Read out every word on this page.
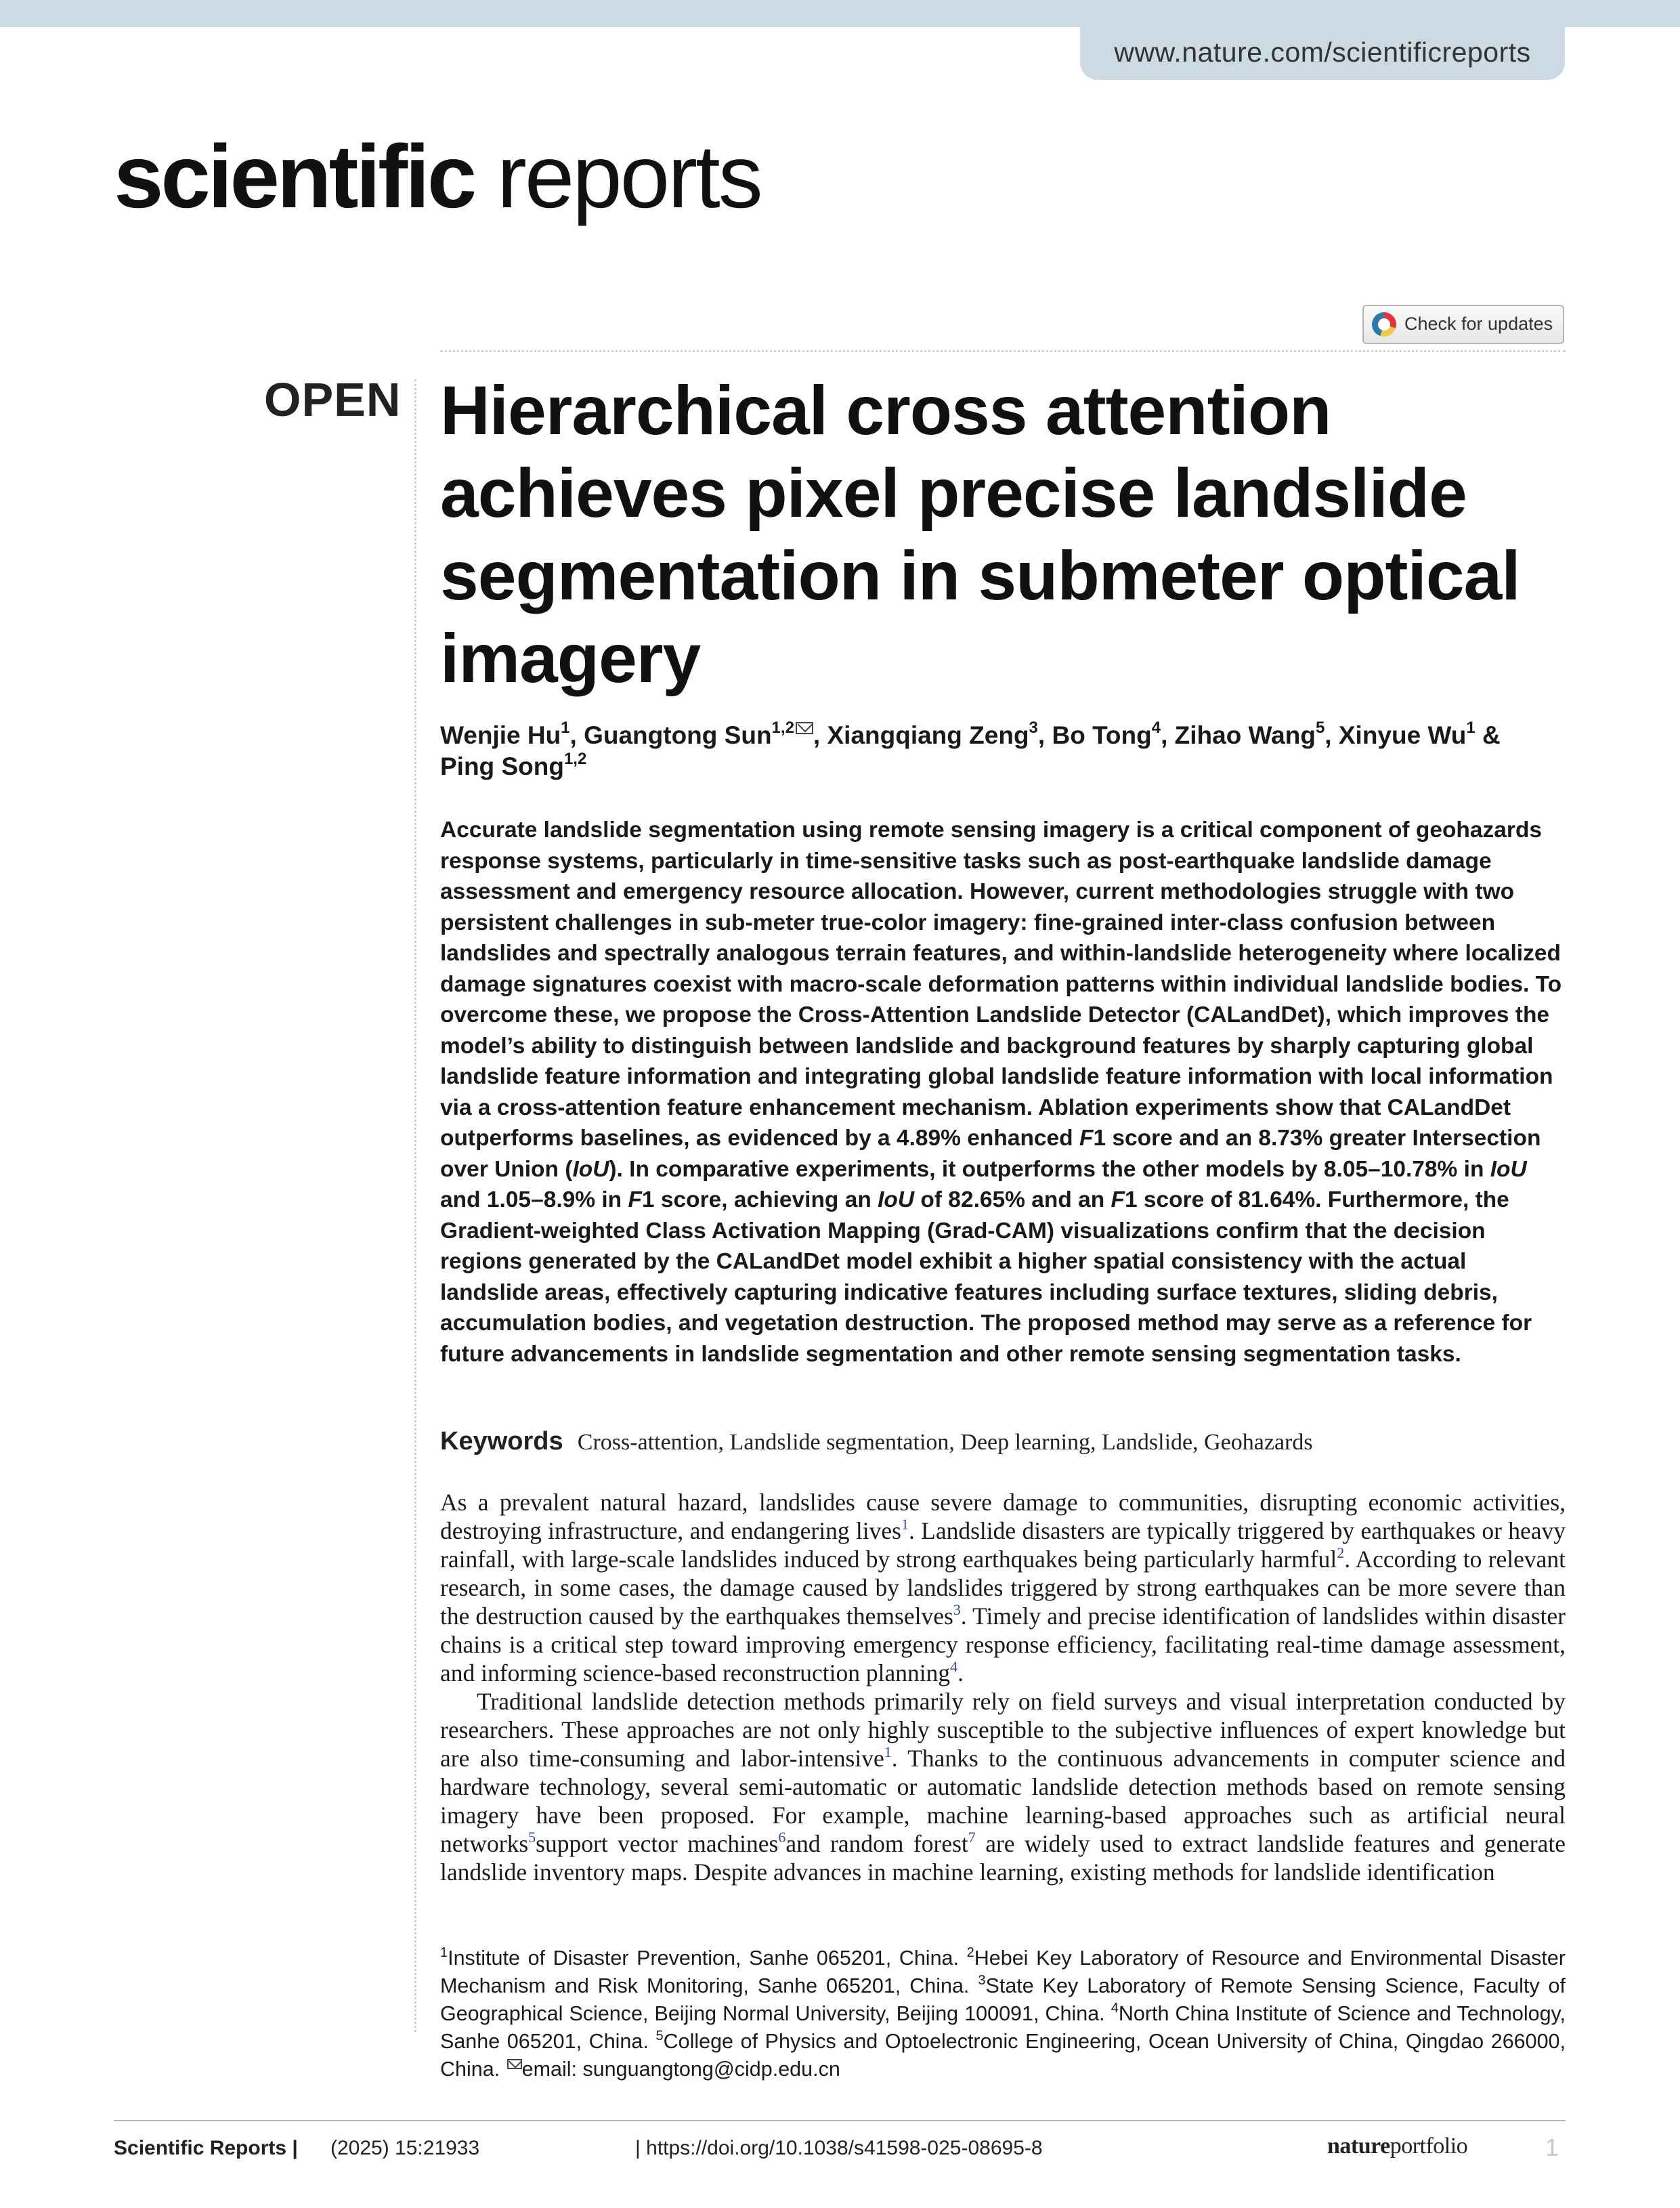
www.nature.com/scientificreports
scientific reports
Check for updates
OPEN Hierarchical cross attention achieves pixel precise landslide segmentation in submeter optical imagery
Wenjie Hu$^1$, Guangtong Sun$^{1,2}$ , Xiangqiang Zeng$^3$, Bo Tong$^4$, Zihao Wang$^5$, Xinyue Wu$^1$ &
Ping Song$^{1,2}$
Accurate landslide segmentation using remote sensing imagery is a critical component of geohazards response systems, particularly in time-sensitive tasks such as post-earthquake landslide damage assessment and emergency resource allocation. However, current methodologies struggle with two persistent challenges in sub-meter true-color imagery: fine-grained inter-class confusion between landslides and spectrally analogous terrain features, and within-landslide heterogeneity where localized damage signatures coexist with macro-scale deformation patterns within individual landslide bodies. To overcome these, we propose the Cross-Attention Landslide Detector (CALandDet), which improves the model’s ability to distinguish between landslide and background features by sharply capturing global landslide feature information and integrating global landslide feature information with local information via a cross-attention feature enhancement mechanism. Ablation experiments show that CALandDet outperforms baselines, as evidenced by a 4.89% enhanced F1 score and an 8.73% greater Intersection over Union (IoU). In comparative experiments, it outperforms the other models by 8.05–10.78% in IoU and 1.05–8.9% in F1 score, achieving an IoU of 82.65% and an F1 score of 81.64%. Furthermore, the Gradient-weighted Class Activation Mapping (Grad-CAM) visualizations confirm that the decision regions generated by the CALandDet model exhibit a higher spatial consistency with the actual landslide areas, effectively capturing indicative features including surface textures, sliding debris, accumulation bodies, and vegetation destruction. The proposed method may serve as a reference for future advancements in landslide segmentation and other remote sensing segmentation tasks.
Keywords Cross-attention, Landslide segmentation, Deep learning, Landslide, Geohazards

As a prevalent natural hazard, landslides cause severe damage to communities, disrupting economic activities, destroying infrastructure, and endangering lives$^1$. Landslide disasters are typically triggered by earthquakes or heavy rainfall, with large-scale landslides induced by strong earthquakes being particularly harmful$^2$. According to relevant research, in some cases, the damage caused by landslides triggered by strong earthquakes can be more severe than the destruction caused by the earthquakes themselves$^3$. Timely and precise identification of landslides within disaster chains is a critical step toward improving emergency response efficiency, facilitating real-time damage assessment, and informing science-based reconstruction planning$^4$.

Traditional landslide detection methods primarily rely on field surveys and visual interpretation conducted by researchers. These approaches are not only highly susceptible to the subjective influences of expert knowledge but are also time-consuming and labor-intensive$^1$. Thanks to the continuous advancements in computer science and hardware technology, several semi-automatic or automatic landslide detection methods based on remote sensing imagery have been proposed. For example, machine learning-based approaches such as artificial neural networks$^5$support vector machines$^6$and random forest$^7$ are widely used to extract landslide features and generate landslide inventory maps. Despite advances in machine learning, existing methods for landslide identification

$^1$Institute of Disaster Prevention, Sanhe 065201, China. $^2$Hebei Key Laboratory of Resource and Environmental Disaster Mechanism and Risk Monitoring, Sanhe 065201, China. $^3$State Key Laboratory of Remote Sensing Science, Faculty of Geographical Science, Beijing Normal University, Beijing 100091, China. $^4$North China Institute of Science and Technology, Sanhe 065201, China. $^5$College of Physics and Optoelectronic Engineering, Ocean University of China, Qingdao 266000, China. email: sunguangtong@cidp.edu.cn
Scientific Reports | (2025) 15:21933	| https://doi.org/10.1038/s41598-025-08695-8	natureportfolio	1
